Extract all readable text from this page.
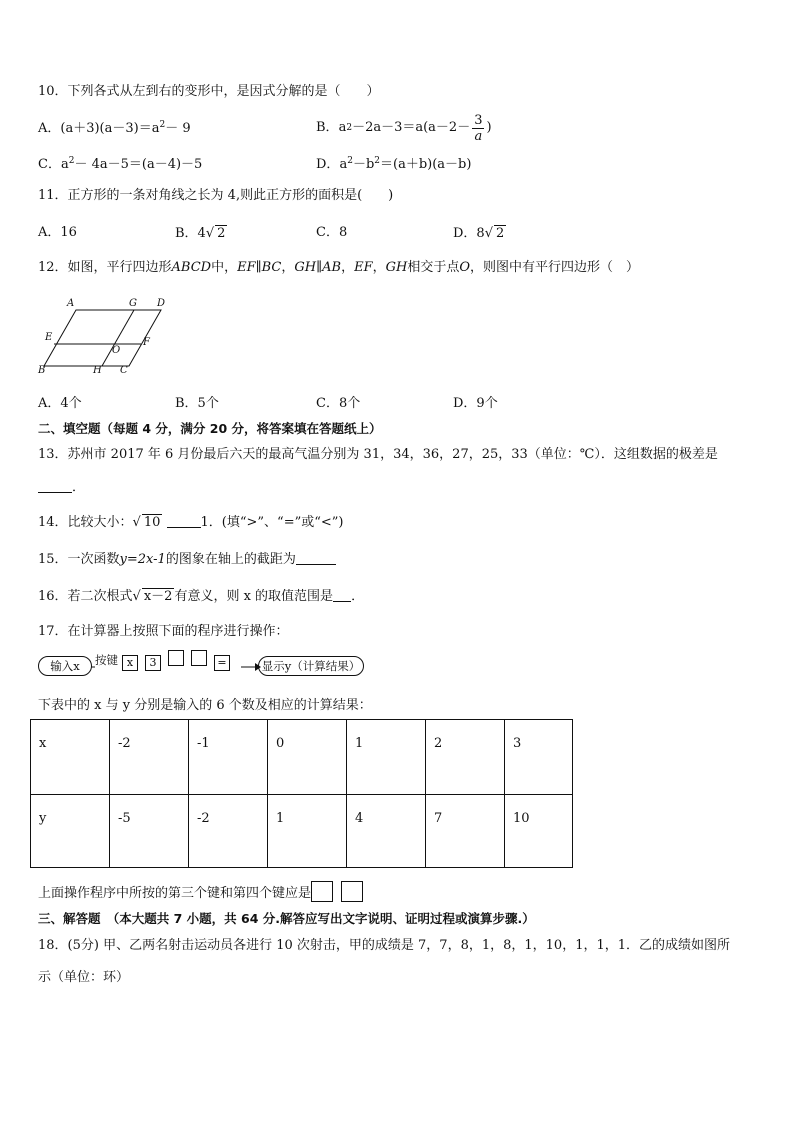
10．下列各式从左到右的变形中，是因式分解的是（　　）
A．$(a+3)(a-3)=a^2- 9$	B． a $2 -2a-3=a(a-2- \frac{3}{a}$ )
C．$a^2- 4a-5=(a-4)-5$	D．$a^2-b^2=(a+b)(a-b)$
11．正方形的一条对角线之长为 4,则此正方形的面积是(　　)
A．16	B．4√ 2	C．8	D．8√ 2
12．如图，平行四边形ABCD中，EF∥BC，GH∥AB，EF，GH相交于点O，则图中有平行四边形（　）
A	G D
E
O
F
B	H C
A．4个	B．5个	C．8个	D．9个
二、填空题（每题 4 分，满分 20 分，将答案填在答题纸上）
13．苏州市 2017 年 6 月份最后六天的最高气温分别为 31，34，36，27，25，33（单位：℃）．这组数据的极差是
．
14．比较大小：√ 10	1．(填“>”、“=”或“<”)
15．一次函数y=2x-1的图象在轴上的截距为
16．若二次根式√ x－2 有意义，则 x 的取值范围是 ．
17．在计算器上按照下面的程序进行操作：
输入x	按键 x 3	=	显示y（计算结果）
下表中的 x 与 y 分别是输入的 6 个数及相应的计算结果：
x	-2	-1	0	1	2	3
y	-5	-2	1	4	7	10
上面操作程序中所按的第三个键和第四个键应是
三、解答题　（本大题共 7 小题，共 64 分.解答应写出文字说明、证明过程或演算步骤.）
18．(5分) 甲、乙两名射击运动员各进行 10 次射击，甲的成绩是 7，7，8，1，8，1，10，1，1，1．乙的成绩如图所
示（单位：环）
